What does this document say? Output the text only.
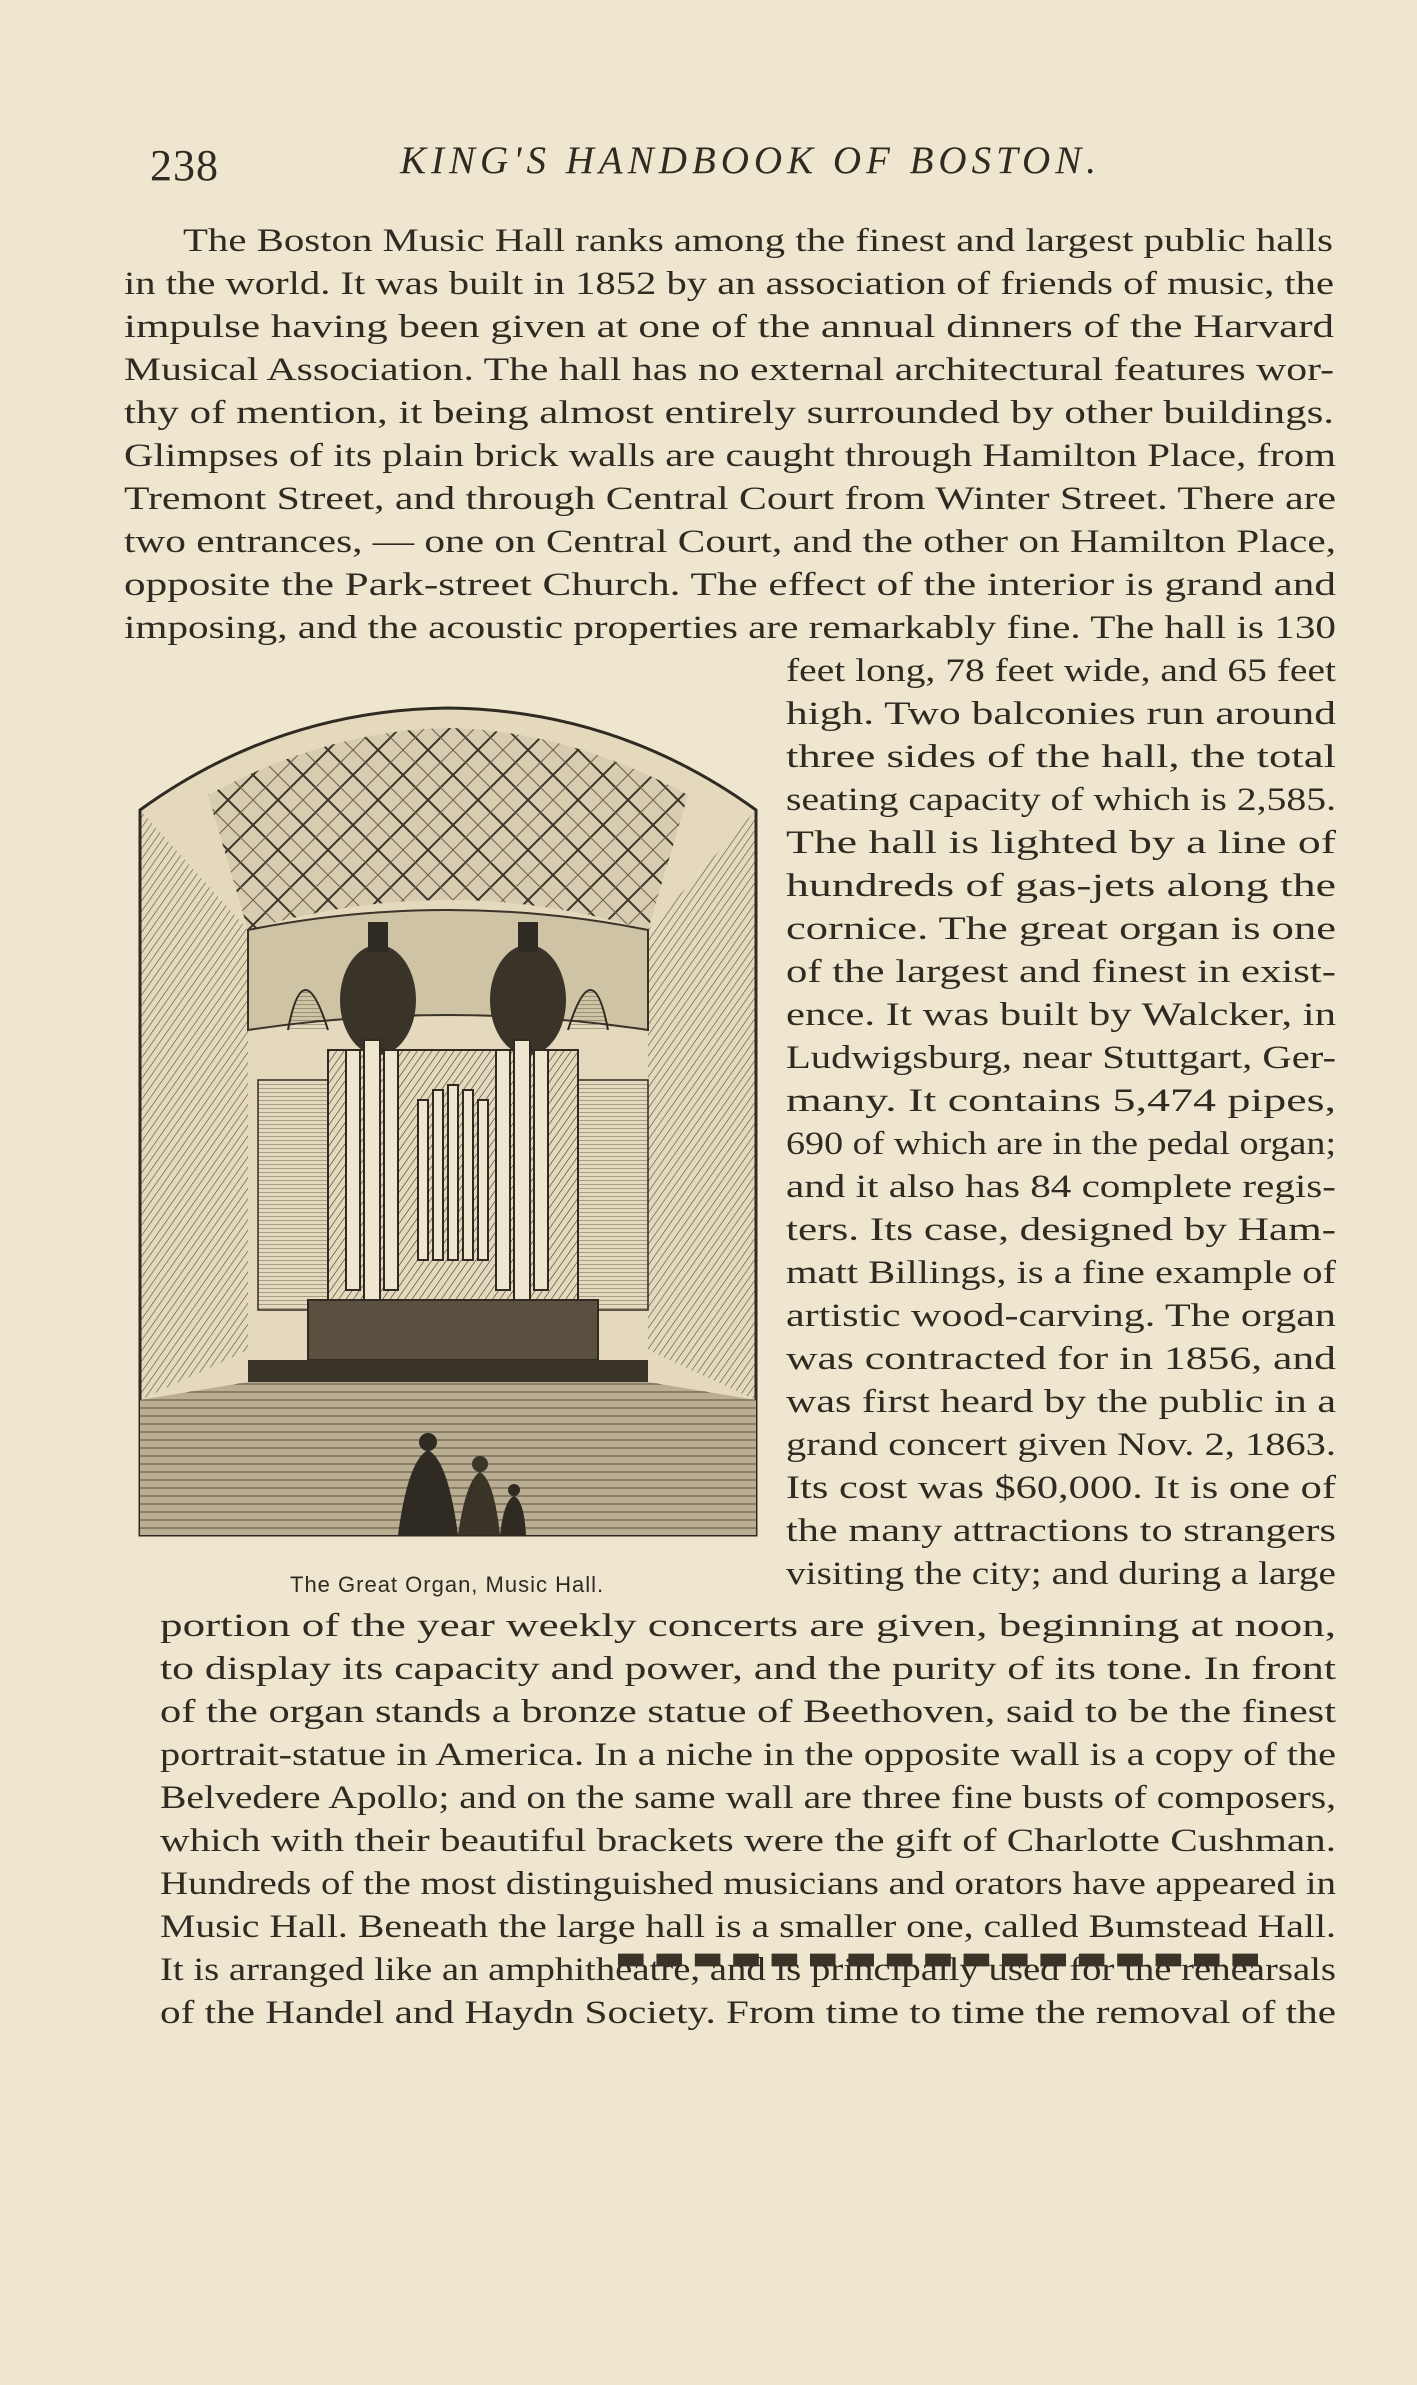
238	KING'S HANDBOOK OF BOSTON.
The Boston Music Hall ranks among the finest and largest public halls
in the world. It was built in 1852 by an association of friends of music, the
impulse having been given at one of the annual dinners of the Harvard
Musical Association. The hall has no external architectural features wor-
thy of mention, it being almost entirely surrounded by other buildings.
Glimpses of its plain brick walls are caught through Hamilton Place, from
Tremont Street, and through Central Court from Winter Street. There are
two entrances, — one on Central Court, and the other on Hamilton Place,
opposite the Park-street Church. The effect of the interior is grand and
imposing, and the acoustic properties are remarkably fine. The hall is 130
feet long, 78 feet wide, and 65 feet
high. Two balconies run around
three sides of the hall, the total
seating capacity of which is 2,585.
The hall is lighted by a line of
hundreds of gas-jets along the
cornice. The great organ is one
of the largest and finest in exist-
ence. It was built by Walcker, in
Ludwigsburg, near Stuttgart, Ger-
many. It contains 5,474 pipes,
690 of which are in the pedal organ;
and it also has 84 complete regis-
ters. Its case, designed by Ham-
matt Billings, is a fine example of
artistic wood-carving. The organ
was contracted for in 1856, and
was first heard by the public in a
grand concert given Nov. 2, 1863.
Its cost was $60,000. It is one of
the many attractions to strangers
visiting the city; and during a large
portion of the year weekly concerts are given, beginning at noon,
to display its capacity and power, and the purity of its tone. In front
of the organ stands a bronze statue of Beethoven, said to be the finest
portrait-statue in America. In a niche in the opposite wall is a copy of the
Belvedere Apollo; and on the same wall are three fine busts of composers,
which with their beautiful brackets were the gift of Charlotte Cushman.
Hundreds of the most distinguished musicians and orators have appeared in
Music Hall. Beneath the large hall is a smaller one, called Bumstead Hall.
It is arranged like an amphitheatre, and is principally used for the rehearsals
of the Handel and Haydn Society. From time to time the removal of the
The Great Organ, Music Hall.
